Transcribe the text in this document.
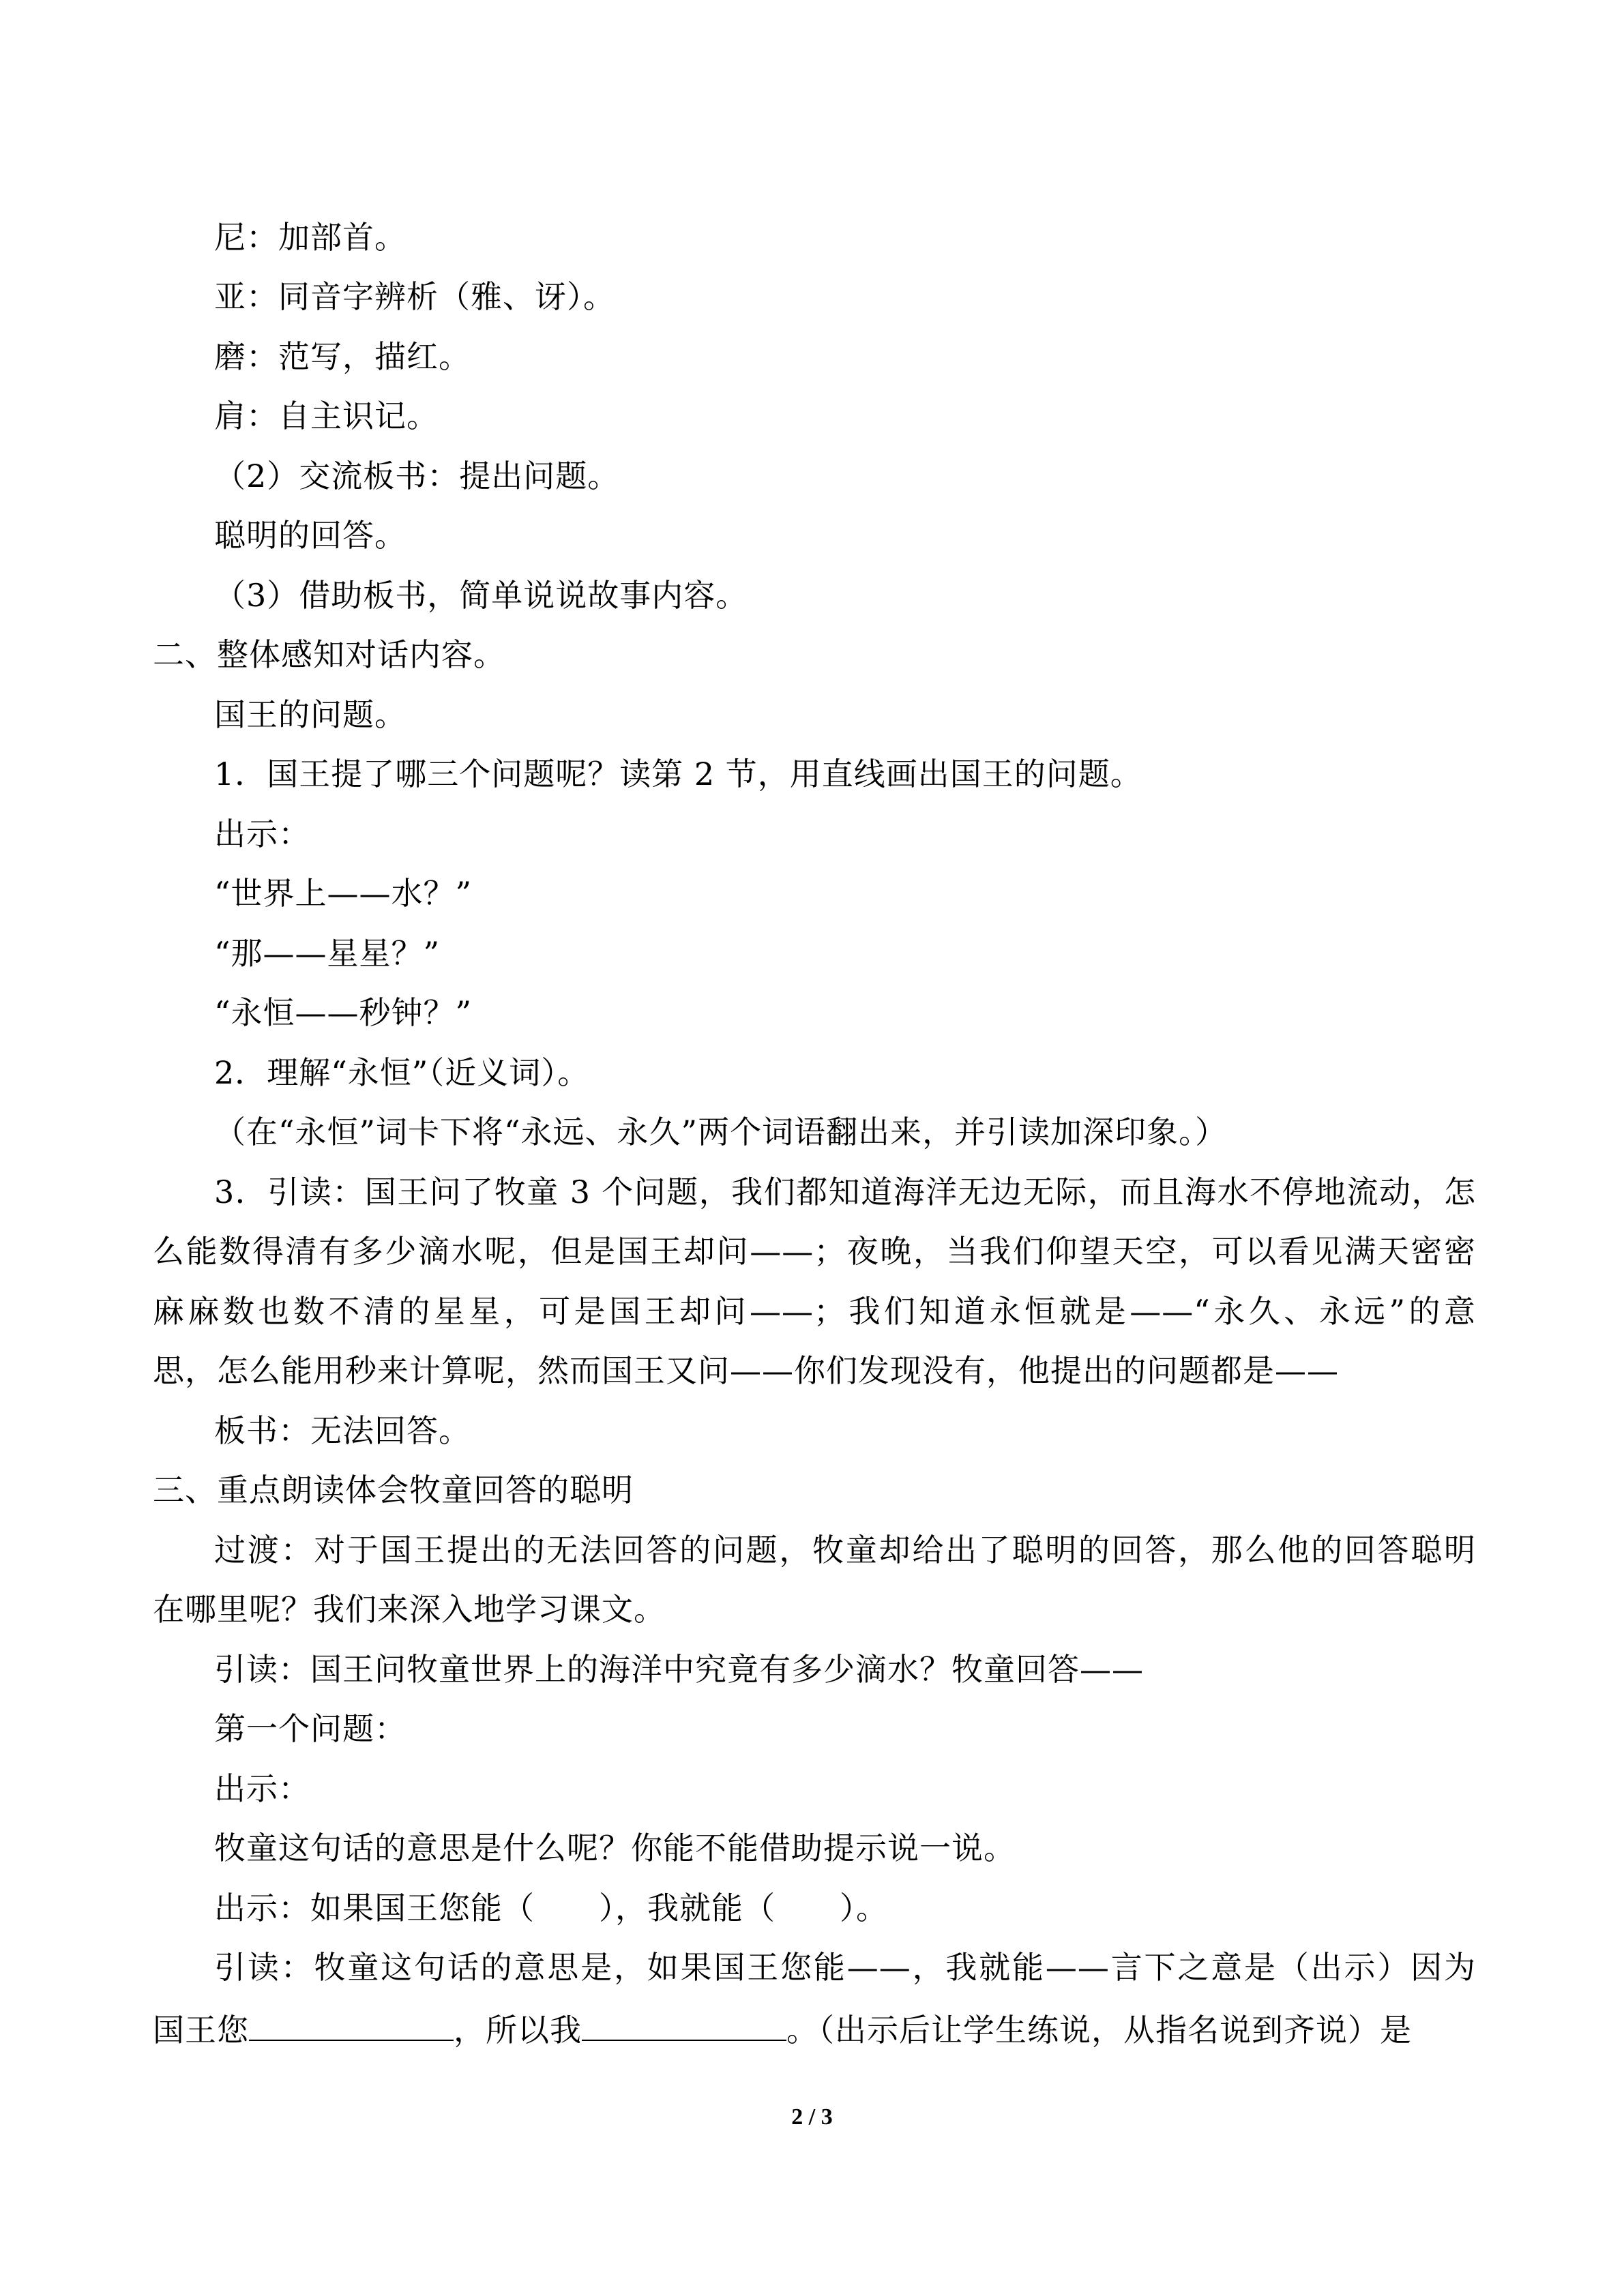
尼：加部首。
亚：同音字辨析（雅、讶）。
磨：范写，描红。
肩：自主识记。
（2）交流板书：提出问题。
聪明的回答。
（3）借助板书，简单说说故事内容。
二、整体感知对话内容。
国王的问题。
1．国王提了哪三个问题呢？读第 2 节，用直线画出国王的问题。
出示：
“世界上——水？”
“那——星星？”
“永恒——秒钟？”
2．理解“永恒”（近义词）。
（在“永恒”词卡下将“永远、永久”两个词语翻出来，并引读加深印象。）
3．引读：国王问了牧童 3 个问题，我们都知道海洋无边无际，而且海水不停地流动，怎
么能数得清有多少滴水呢，但是国王却问——；夜晚，当我们仰望天空，可以看见满天密密
麻麻数也数不清的星星，可是国王却问——；我们知道永恒就是——“永久、永远”的意
思，怎么能用秒来计算呢，然而国王又问——你们发现没有，他提出的问题都是——
板书：无法回答。
三、重点朗读体会牧童回答的聪明
过渡：对于国王提出的无法回答的问题，牧童却给出了聪明的回答，那么他的回答聪明
在哪里呢？我们来深入地学习课文。
引读：国王问牧童世界上的海洋中究竟有多少滴水？牧童回答——
第一个问题：
出示：
牧童这句话的意思是什么呢？你能不能借助提示说一说。
出示：如果国王您能（　　），我就能（　　）。
引读：牧童这句话的意思是，如果国王您能——，我就能——言下之意是（出示）因为
国王您	，所以我	。（出示后让学生练说，从指名说到齐说）是
2 / 3
